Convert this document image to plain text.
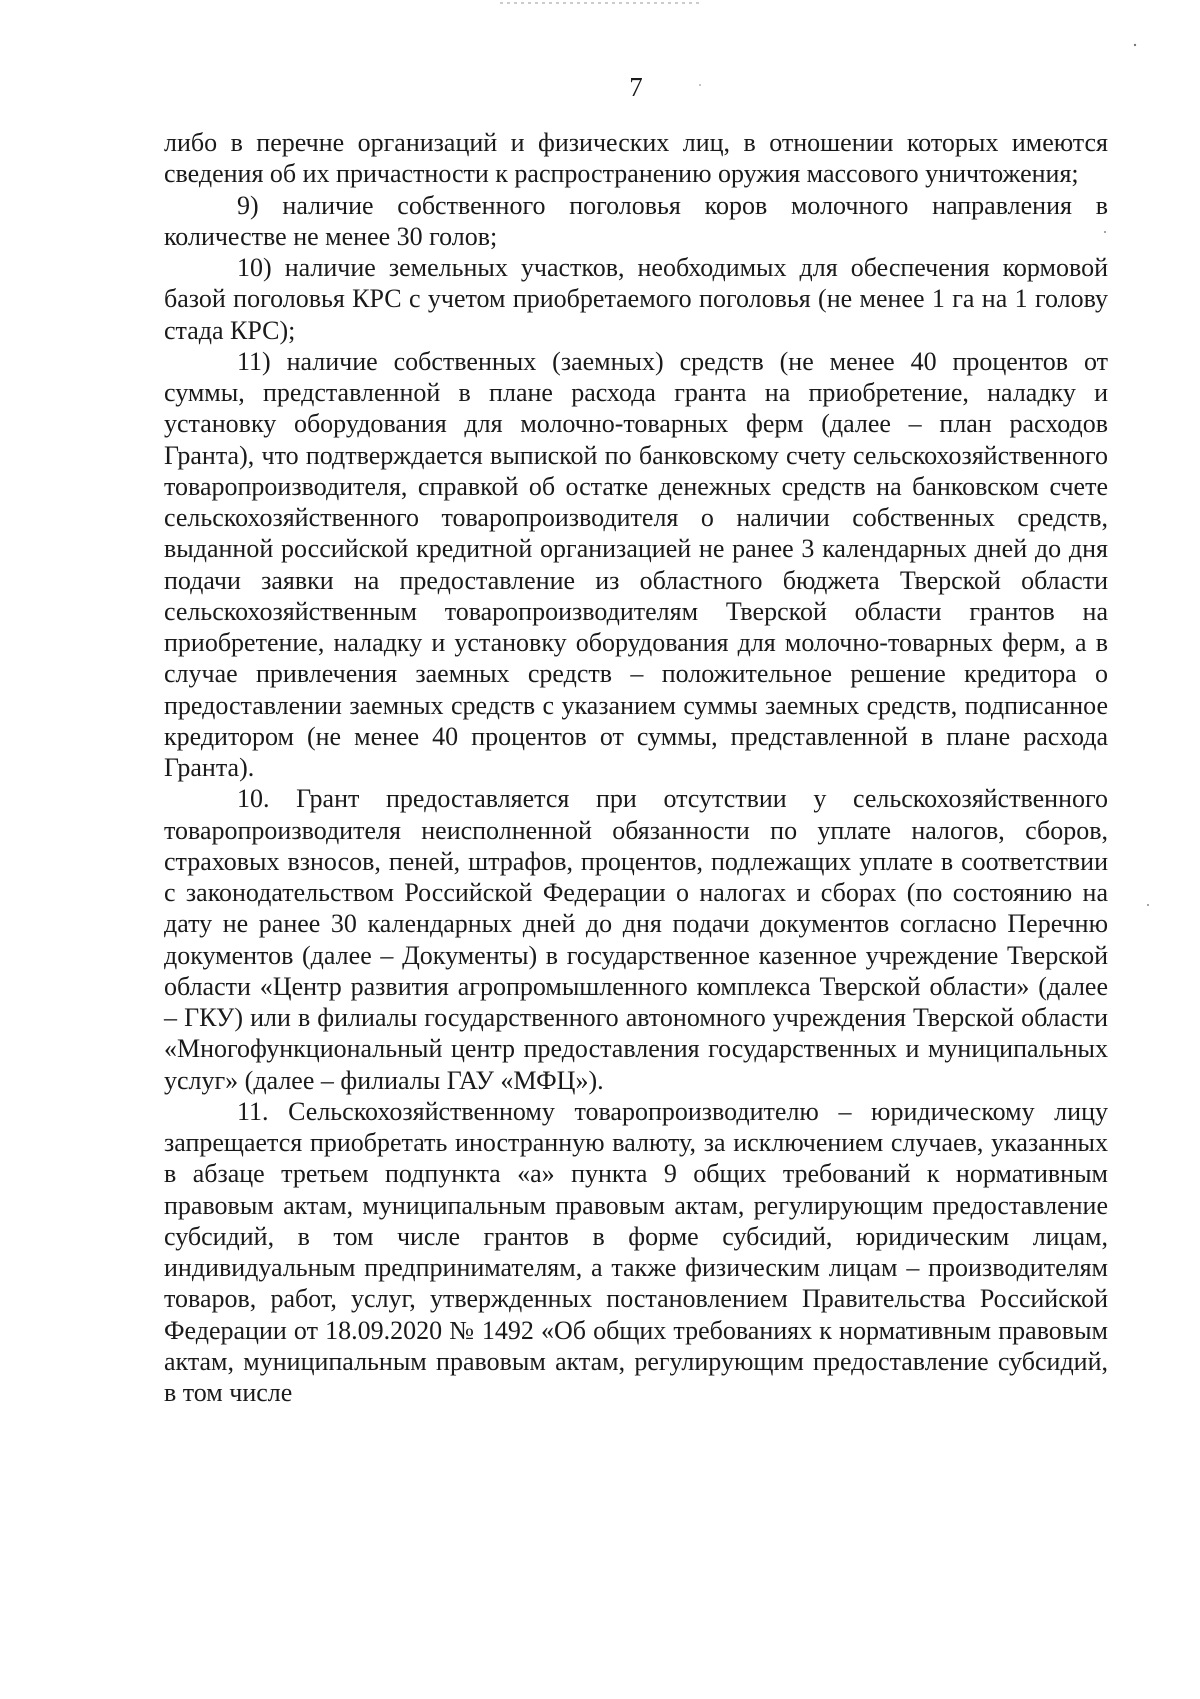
7

либо в перечне организаций и физических лиц, в отношении которых имеются сведения об их причастности к распространению оружия массового уничтожения;

9) наличие собственного поголовья коров молочного направления в количестве не менее 30 голов;

10) наличие земельных участков, необходимых для обеспечения кормовой базой поголовья КРС с учетом приобретаемого поголовья (не менее 1 га на 1 голову стада КРС);

11) наличие собственных (заемных) средств (не менее 40 процентов от суммы, представленной в плане расхода гранта на приобретение, наладку и установку оборудования для молочно-товарных ферм (далее – план расходов Гранта), что подтверждается выпиской по банковскому счету сельскохозяйственного товаропроизводителя, справкой об остатке денежных средств на банковском счете сельскохозяйственного товаропроизводителя о наличии собственных средств, выданной российской кредитной организацией не ранее 3 календарных дней до дня подачи заявки на предоставление из областного бюджета Тверской области сельскохозяйственным товаропроизводителям Тверской области грантов на приобретение, наладку и установку оборудования для молочно-товарных ферм, а в случае привлечения заемных средств – положительное решение кредитора о предоставлении заемных средств с указанием суммы заемных средств, подписанное кредитором (не менее 40 процентов от суммы, представленной в плане расхода Гранта).

10. Грант предоставляется при отсутствии у сельскохозяйственного товаропроизводителя неисполненной обязанности по уплате налогов, сборов, страховых взносов, пеней, штрафов, процентов, подлежащих уплате в соответствии с законодательством Российской Федерации о налогах и сборах (по состоянию на дату не ранее 30 календарных дней до дня подачи документов согласно Перечню документов (далее – Документы) в государственное казенное учреждение Тверской области «Центр развития агропромышленного комплекса Тверской области» (далее – ГКУ) или в филиалы государственного автономного учреждения Тверской области «Многофункциональный центр предоставления государственных и муниципальных услуг» (далее – филиалы ГАУ «МФЦ»).

11. Сельскохозяйственному товаропроизводителю – юридическому лицу запрещается приобретать иностранную валюту, за исключением случаев, указанных в абзаце третьем подпункта «а» пункта 9 общих требований к нормативным правовым актам, муниципальным правовым актам, регулирующим предоставление субсидий, в том числе грантов в форме субсидий, юридическим лицам, индивидуальным предпринимателям, а также физическим лицам – производителям товаров, работ, услуг, утвержденных постановлением Правительства Российской Федерации от 18.09.2020 № 1492 «Об общих требованиях к нормативным правовым актам, муниципальным правовым актам, регулирующим предоставление субсидий, в том числе
